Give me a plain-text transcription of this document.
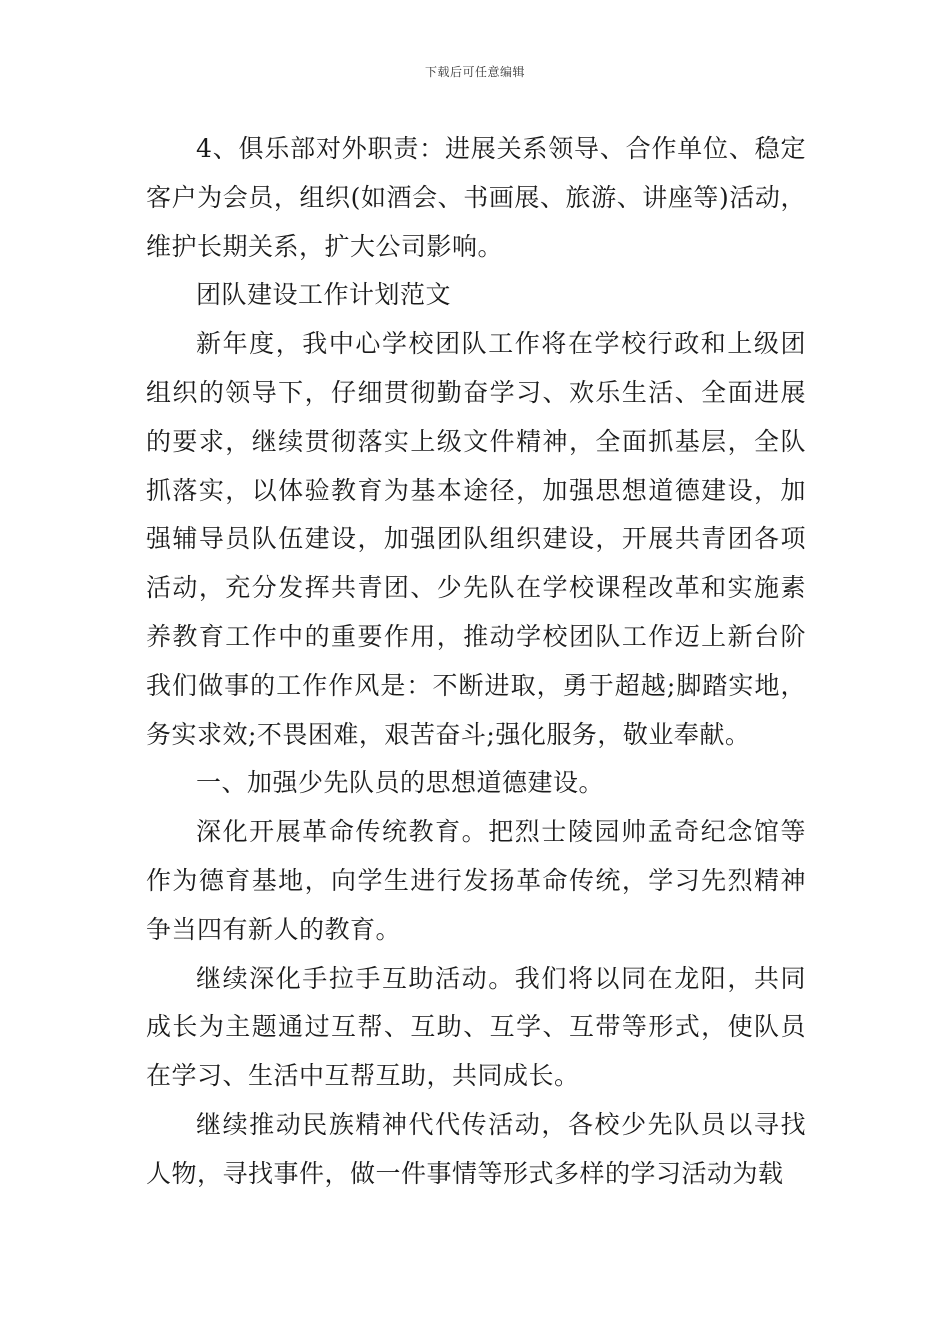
下载后可任意编辑

4、俱乐部对外职责：进展关系领导、合作单位、稳定客户为会员，组织(如酒会、书画展、旅游、讲座等)活动，维护长期关系，扩大公司影响。

团队建设工作计划范文

新年度，我中心学校团队工作将在学校行政和上级团组织的领导下，仔细贯彻勤奋学习、欢乐生活、全面进展的要求，继续贯彻落实上级文件精神，全面抓基层，全队抓落实，以体验教育为基本途径，加强思想道德建设，加强辅导员队伍建设，加强团队组织建设，开展共青团各项活动，充分发挥共青团、少先队在学校课程改革和实施素养教育工作中的重要作用，推动学校团队工作迈上新台阶我们做事的工作作风是：不断进取，勇于超越;脚踏实地，务实求效;不畏困难，艰苦奋斗;强化服务，敬业奉献。

一、加强少先队员的思想道德建设。

深化开展革命传统教育。把烈士陵园帅孟奇纪念馆等作为德育基地，向学生进行发扬革命传统，学习先烈精神争当四有新人的教育。

继续深化手拉手互助活动。我们将以同在龙阳，共同成长为主题通过互帮、互助、互学、互带等形式，使队员在学习、生活中互帮互助，共同成长。

继续推动民族精神代代传活动，各校少先队员以寻找人物，寻找事件，做一件事情等形式多样的学习活动为载
